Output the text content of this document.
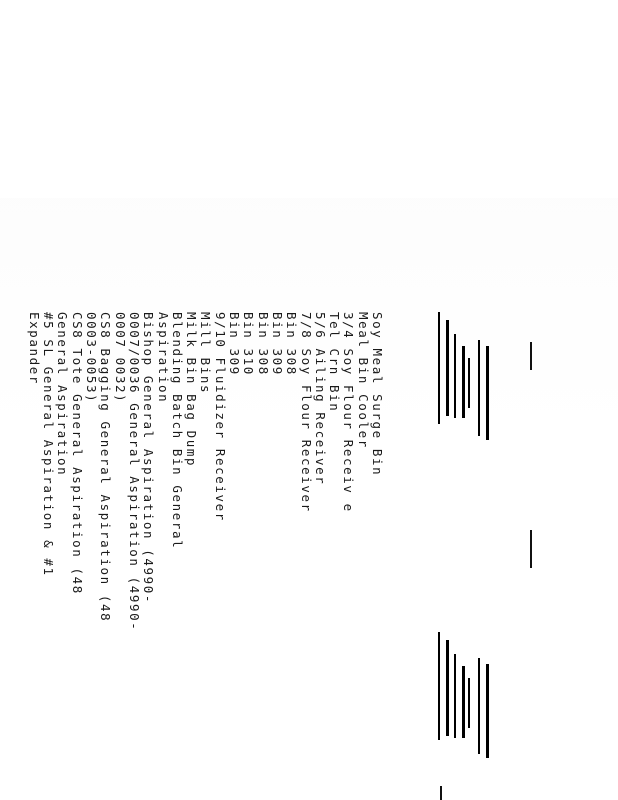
Soy Meal Surge Bin
Meal Bin Cooler
3/4 Soy Flour Receiv e
Tel Crn Bin
5/6 Ailing Receiver
7/8 Soy Flour Receiver
Bin 308
Bin 309
Bin 308
Bin 310
Bin 309
9/10 Fluidizer Receiver
Mill Bins
Milk Bin Bag Dump
Blending Batch Bin General
Aspiration
Bishop General Aspiration (4990-
0007/0036 General Aspiration (4990-
0007 0032)
CS8 Bagging General Aspiration (48
0003-0053)
CS8 Tote General Aspiration (48
General Aspiration
#5 SL General Aspiration & #1
Expander
